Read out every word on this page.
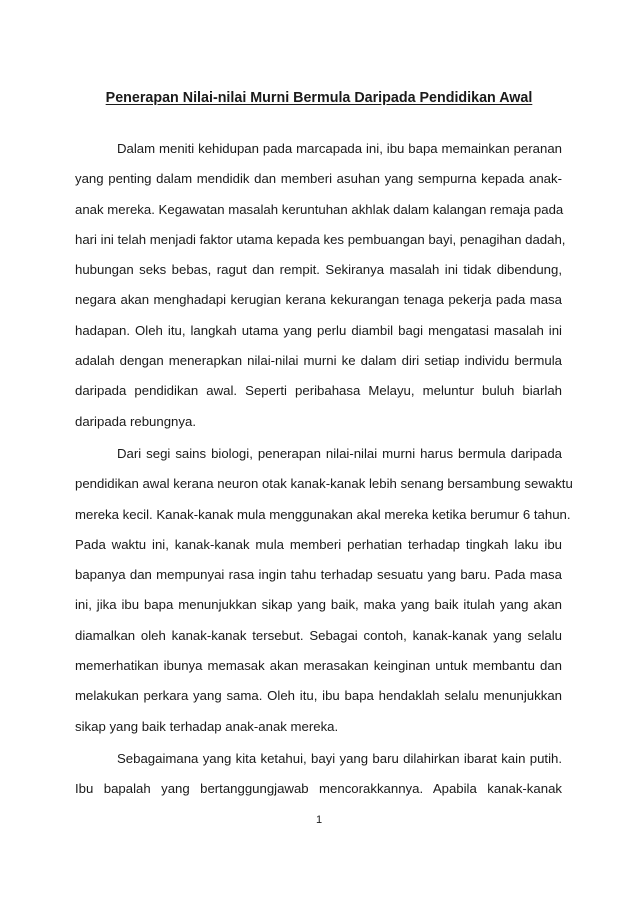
Penerapan Nilai-nilai Murni Bermula Daripada Pendidikan Awal
Dalam meniti kehidupan pada marcapada ini, ibu bapa memainkan peranan
yang penting dalam mendidik dan memberi asuhan yang sempurna kepada anak-
anak mereka. Kegawatan masalah keruntuhan akhlak dalam kalangan remaja pada
hari ini telah menjadi faktor utama kepada kes pembuangan bayi, penagihan dadah,
hubungan seks bebas, ragut dan rempit. Sekiranya masalah ini tidak dibendung,
negara akan menghadapi kerugian kerana kekurangan tenaga pekerja pada masa
hadapan. Oleh itu, langkah utama yang perlu diambil bagi mengatasi masalah ini
adalah dengan menerapkan nilai-nilai murni ke dalam diri setiap individu bermula
daripada pendidikan awal. Seperti peribahasa Melayu, meluntur buluh biarlah
daripada rebungnya.
Dari segi sains biologi, penerapan nilai-nilai murni harus bermula daripada
pendidikan awal kerana neuron otak kanak-kanak lebih senang bersambung sewaktu
mereka kecil. Kanak-kanak mula menggunakan akal mereka ketika berumur 6 tahun.
Pada waktu ini, kanak-kanak mula memberi perhatian terhadap tingkah laku ibu
bapanya dan mempunyai rasa ingin tahu terhadap sesuatu yang baru. Pada masa
ini, jika ibu bapa menunjukkan sikap yang baik, maka yang baik itulah yang akan
diamalkan oleh kanak-kanak tersebut. Sebagai contoh, kanak-kanak yang selalu
memerhatikan ibunya memasak akan merasakan keinginan untuk membantu dan
melakukan perkara yang sama. Oleh itu, ibu bapa hendaklah selalu menunjukkan
sikap yang baik terhadap anak-anak mereka.
Sebagaimana yang kita ketahui, bayi yang baru dilahirkan ibarat kain putih.
Ibu bapalah yang bertanggungjawab mencorakkannya. Apabila kanak-kanak
1
